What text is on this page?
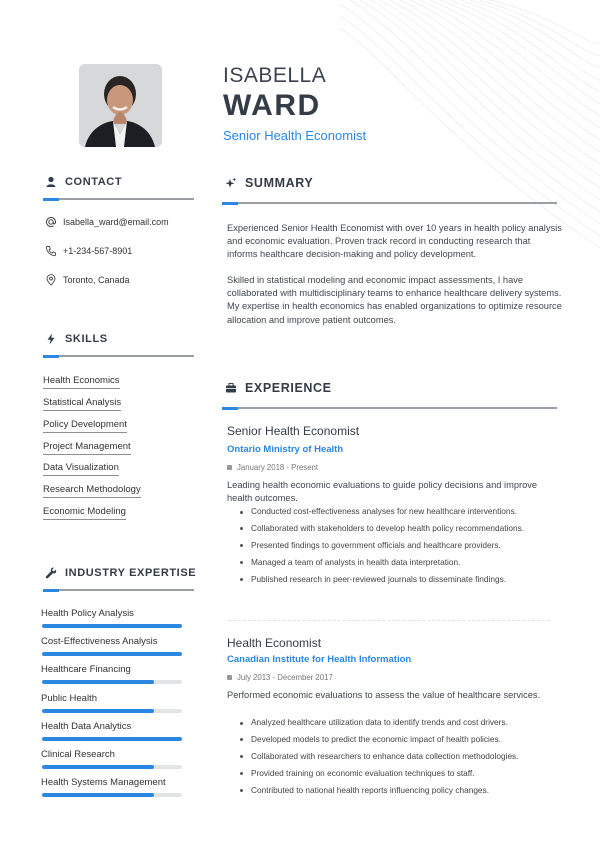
ISABELLA
WARD
Senior Health Economist
CONTACT
Isabella_ward@email.com
+1-234-567-8901
Toronto, Canada
SKILLS
Health Economics
Statistical Analysis
Policy Development
Project Management
Data Visualization
Research Methodology
Economic Modeling
INDUSTRY EXPERTISE
Health Policy Analysis
Cost-Effectiveness Analysis
Healthcare Financing
Public Health
Health Data Analytics
Clinical Research
Health Systems Management
SUMMARY

Experienced Senior Health Economist with over 10 years in health policy analysis and economic evaluation. Proven track record in conducting research that informs healthcare decision-making and policy development.

Skilled in statistical modeling and economic impact assessments, I have collaborated with multidisciplinary teams to enhance healthcare delivery systems. My expertise in health economics has enabled organizations to optimize resource allocation and improve patient outcomes.

EXPERIENCE
Senior Health Economist
Ontario Ministry of Health
January 2018 - Present
Leading health economic evaluations to guide policy decisions and improve health outcomes.
Conducted cost-effectiveness analyses for new healthcare interventions.
Collaborated with stakeholders to develop health policy recommendations.
Presented findings to government officials and healthcare providers.
Managed a team of analysts in health data interpretation.
Published research in peer-reviewed journals to disseminate findings.
Health Economist
Canadian Institute for Health Information
July 2013 - December 2017
Performed economic evaluations to assess the value of healthcare services.
Analyzed healthcare utilization data to identify trends and cost drivers.
Developed models to predict the economic impact of health policies.
Collaborated with researchers to enhance data collection methodologies.
Provided training on economic evaluation techniques to staff.
Contributed to national health reports influencing policy changes.
